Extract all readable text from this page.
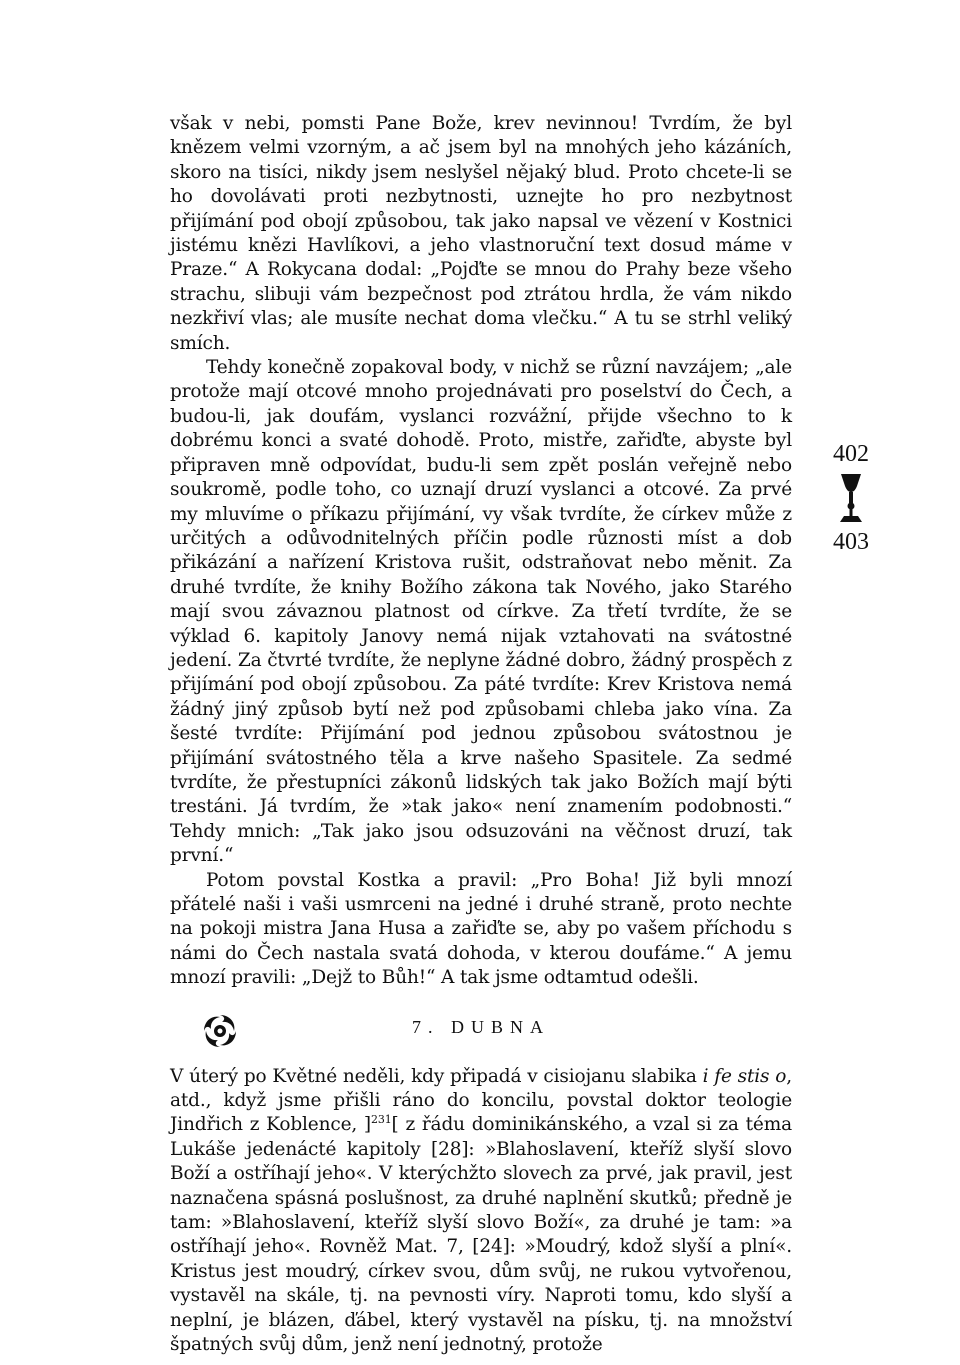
však v nebi, pomsti Pane Bože, krev nevinnou! Tvrdím, že byl knězem velmi vzorným, a ač jsem byl na mnohých jeho kázáních, skoro na tisíci, nikdy jsem neslyšel nějaký blud. Proto chcete-li se ho dovolávati proti nezbytnosti, uznejte ho pro nezbytnost přijímání pod obojí způsobou, tak jako napsal ve vězení v Kostnici jistému knězi Havlíkovi, a jeho vlastnoruční text dosud máme v Praze.“ A Rokycana dodal: „Pojďte se mnou do Prahy beze všeho strachu, slibuji vám bezpečnost pod ztrátou hrdla, že vám nikdo nezkřiví vlas; ale musíte nechat doma vlečku.“ A tu se strhl veliký smích.

Tehdy konečně zopakoval body, v nichž se různí navzájem; „ale protože mají otcové mnoho projednávati pro poselství do Čech, a budou-li, jak doufám, vyslanci rozvážní, přijde všechno to k dobrému konci a svaté dohodě. Proto, mistře, zařiďte, abyste byl připraven mně odpovídat, budu-li sem zpět poslán veřejně nebo soukromě, podle toho, co uznají druzí vyslanci a otcové. Za prvé my mluvíme o příkazu přijímání, vy však tvrdíte, že církev může z určitých a odůvodnitelných příčin podle různosti míst a dob přikázání a nařízení Kristova rušit, odstraňovat nebo měnit. Za druhé tvrdíte, že knihy Božího zákona tak Nového, jako Starého mají svou závaznou platnost od církve. Za třetí tvrdíte, že se výklad 6. kapitoly Janovy nemá nijak vztahovati na svátostné jedení. Za čtvrté tvrdíte, že neplyne žádné dobro, žádný prospěch z přijímání pod obojí způsobou. Za páté tvrdíte: Krev Kristova nemá žádný jiný způsob bytí než pod způsobami chleba jako vína. Za šesté tvrdíte: Přijímání pod jednou způsobou svátostnou je přijímání svátostného těla a krve našeho Spasitele. Za sedmé tvrdíte, že přestupníci zákonů lidských tak jako Božích mají býti trestáni. Já tvrdím, že »tak jako« není znamením podobnosti.“ Tehdy mnich: „Tak jako jsou odsuzováni na věčnost druzí, tak první.“

Potom povstal Kostka a pravil: „Pro Boha! Již byli mnozí přátelé naši i vaši usmrceni na jedné i druhé straně, proto nechte na pokoji mistra Jana Husa a zařiďte se, aby po vašem příchodu s námi do Čech nastala svatá dohoda, v kterou doufáme.“ A jemu mnozí pravili: „Dejž to Bůh!“ A tak jsme odtamtud odešli.

7. DUBNA

V úterý po Květné neděli, kdy připadá v cisiojanu slabika i fe stis o, atd., když jsme přišli ráno do koncilu, povstal doktor teologie Jindřich z Koblence, ]$^{231}$[ z řádu dominikánského, a vzal si za téma Lukáše jedenácté kapitoly [28]: »Blahoslavení, kteříž slyší slovo Boží a ostříhají jeho«. V kterýchžto slovech za prvé, jak pravil, jest naznačena spásná poslušnost, za druhé naplnění skutků; předně je tam: »Blahoslavení, kteříž slyší slovo Boží«, za druhé je tam: »a ostříhají jeho«. Rovněž Mat. 7, [24]: »Moudrý, kdož slyší a plní«. Kristus jest moudrý, církev svou, dům svůj, ne rukou vytvořenou, vystavěl na skále, tj. na pevnosti víry. Naproti tomu, kdo slyší a neplní, je blázen, ďábel, který vystavěl na písku, tj. na množství špatných svůj dům, jenž není jednotný, protože

402
403
